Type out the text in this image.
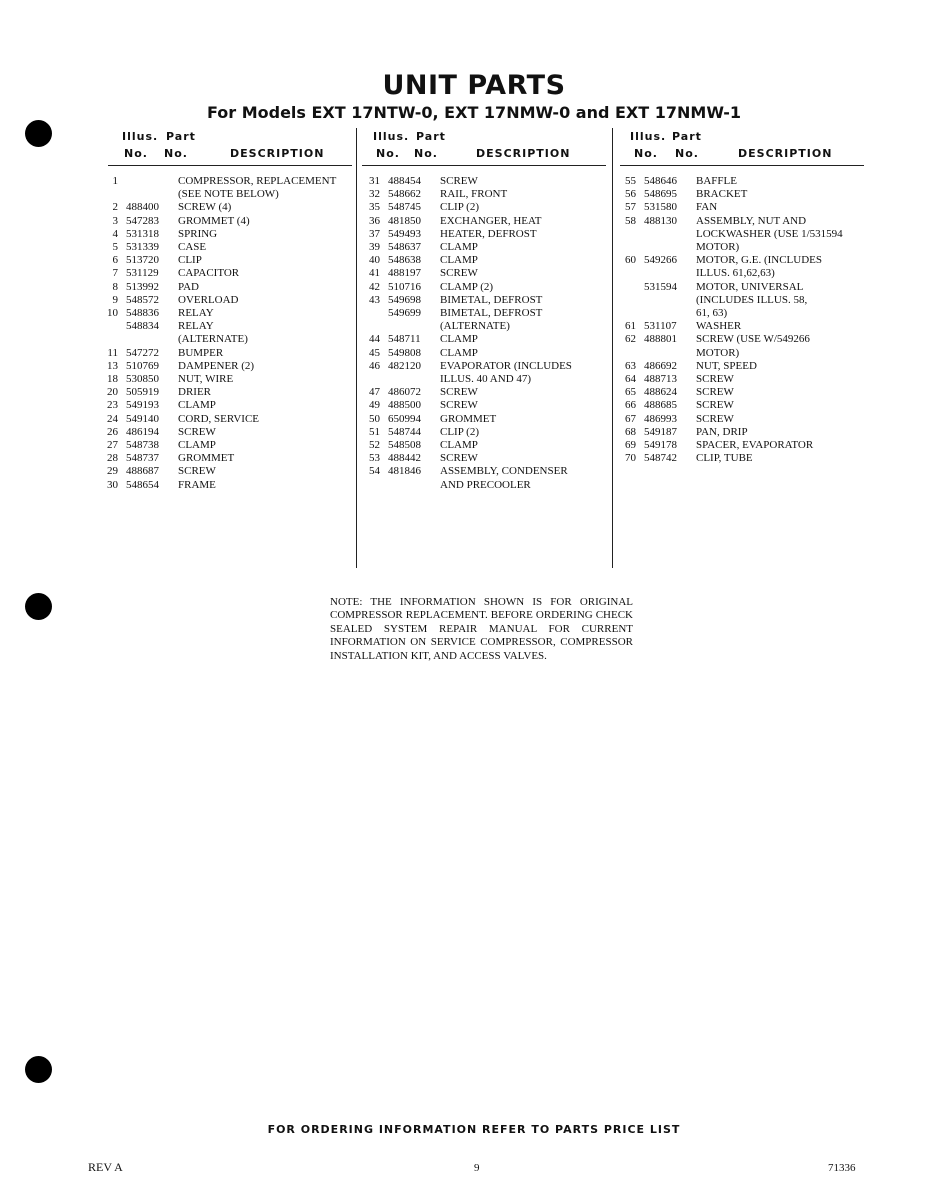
UNIT PARTS
For Models EXT 17NTW-0, EXT 17NMW-0 and EXT 17NMW-1
Illus. Part
No. No.	DESCRIPTION
Illus. Part
No. No.	DESCRIPTION
Illus. Part
No. No.	DESCRIPTION
1	COMPRESSOR, REPLACEMENT
(SEE NOTE BELOW)
2 488400	SCREW (4)
3 547283	GROMMET (4)
4 531318	SPRING
5 531339	CASE
6 513720	CLIP
7 531129	CAPACITOR
8 513992	PAD
9 548572	OVERLOAD
10 548836	RELAY
548834	RELAY
(ALTERNATE)
11 547272	BUMPER
13 510769	DAMPENER (2)
18 530850	NUT, WIRE
20 505919	DRIER
23 549193	CLAMP
24 549140	CORD, SERVICE
26 486194	SCREW
27 548738	CLAMP
28 548737	GROMMET
29 488687	SCREW
30 548654	FRAME
31 488454	SCREW
32 548662	RAIL, FRONT
35 548745	CLIP (2)
36 481850	EXCHANGER, HEAT
37 549493	HEATER, DEFROST
39 548637	CLAMP
40 548638	CLAMP
41 488197	SCREW
42 510716	CLAMP (2)
43 549698	BIMETAL, DEFROST
549699	BIMETAL, DEFROST
(ALTERNATE)
44 548711	CLAMP
45 549808	CLAMP
46 482120	EVAPORATOR (INCLUDES
ILLUS. 40 AND 47)
47 486072	SCREW
49 488500	SCREW
50 650994	GROMMET
51 548744	CLIP (2)
52 548508	CLAMP
53 488442	SCREW
54 481846	ASSEMBLY, CONDENSER
AND PRECOOLER
55 548646	BAFFLE
56 548695	BRACKET
57 531580	FAN
58 488130	ASSEMBLY, NUT AND
LOCKWASHER (USE 1/531594
MOTOR)
60 549266	MOTOR, G.E. (INCLUDES
ILLUS. 61,62,63)
531594	MOTOR, UNIVERSAL
(INCLUDES ILLUS. 58,
61, 63)
61 531107	WASHER
62 488801	SCREW (USE W/549266
MOTOR)
63 486692	NUT, SPEED
64 488713	SCREW
65 488624	SCREW
66 488685	SCREW
67 486993	SCREW
68 549187	PAN, DRIP
69 549178	SPACER, EVAPORATOR
70 548742	CLIP, TUBE
NOTE: THE INFORMATION SHOWN IS FOR ORIGINAL COMPRESSOR REPLACEMENT. BEFORE ORDERING CHECK SEALED SYSTEM REPAIR MANUAL FOR CURRENT INFORMATION ON SERVICE COMPRESSOR, COMPRESSOR INSTALLATION KIT, AND ACCESS VALVES.
FOR ORDERING INFORMATION REFER TO PARTS PRICE LIST
REV A	9	71336
